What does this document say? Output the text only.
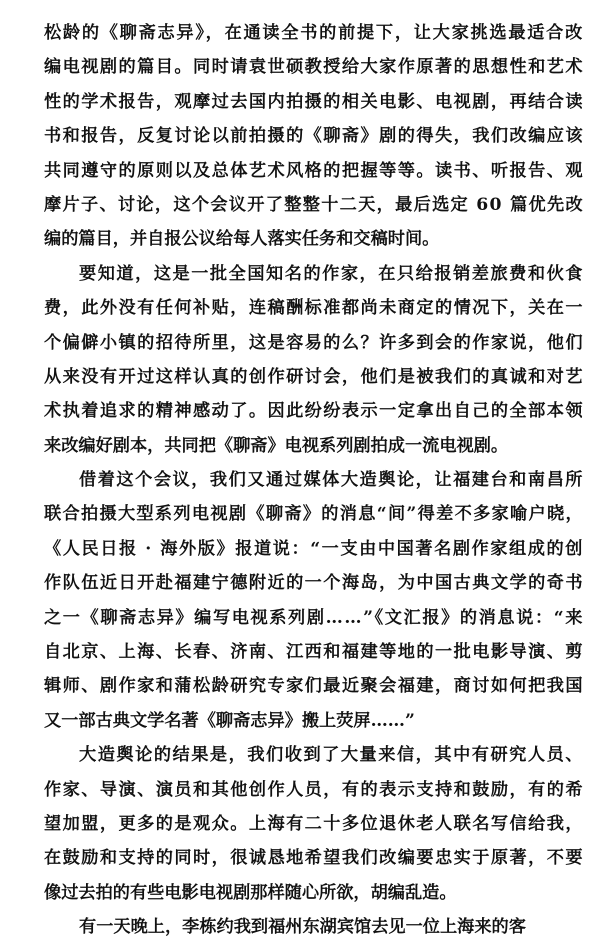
松龄的《聊斋志异》，在通读全书的前提下，让大家挑选最适合改
编电视剧的篇目。同时请袁世硕教授给大家作原著的思想性和艺术
性的学术报告，观摩过去国内拍摄的相关电影、电视剧，再结合读
书和报告，反复讨论以前拍摄的《聊斋》剧的得失，我们改编应该
共同遵守的原则以及总体艺术风格的把握等等。读书、听报告、观
摩片子、讨论，这个会议开了整整十二天，最后选定 60 篇优先改
编的篇目，并自报公议给每人落实任务和交稿时间。
要知道，这是一批全国知名的作家，在只给报销差旅费和伙食
费，此外没有任何补贴，连稿酬标准都尚未商定的情况下，关在一
个偏僻小镇的招待所里，这是容易的么？许多到会的作家说，他们
从来没有开过这样认真的创作研讨会，他们是被我们的真诚和对艺
术执着追求的精神感动了。因此纷纷表示一定拿出自己的全部本领
来改编好剧本，共同把《聊斋》电视系列剧拍成一流电视剧。
借着这个会议，我们又通过媒体大造舆论，让福建台和南昌所
联合拍摄大型系列电视剧《聊斋》的消息“间”得差不多家喻户晓，
《人民日报 · 海外版》报道说：“一支由中国著名剧作家组成的创
作队伍近日开赴福建宁德附近的一个海岛，为中国古典文学的奇书
之一《聊斋志异》编写电视系列剧……”《文汇报》的消息说：“来
自北京、上海、长春、济南、江西和福建等地的一批电影导演、剪
辑师、剧作家和蒲松龄研究专家们最近聚会福建，商讨如何把我国
又一部古典文学名著《聊斋志异》搬上荧屏……”
大造舆论的结果是，我们收到了大量来信，其中有研究人员、
作家、导演、演员和其他创作人员，有的表示支持和鼓励，有的希
望加盟，更多的是观众。上海有二十多位退休老人联名写信给我，
在鼓励和支持的同时，很诚恳地希望我们改编要忠实于原著，不要
像过去拍的有些电影电视剧那样随心所欲，胡编乱造。
有一天晚上，李栋约我到福州东湖宾馆去见一位上海来的客
